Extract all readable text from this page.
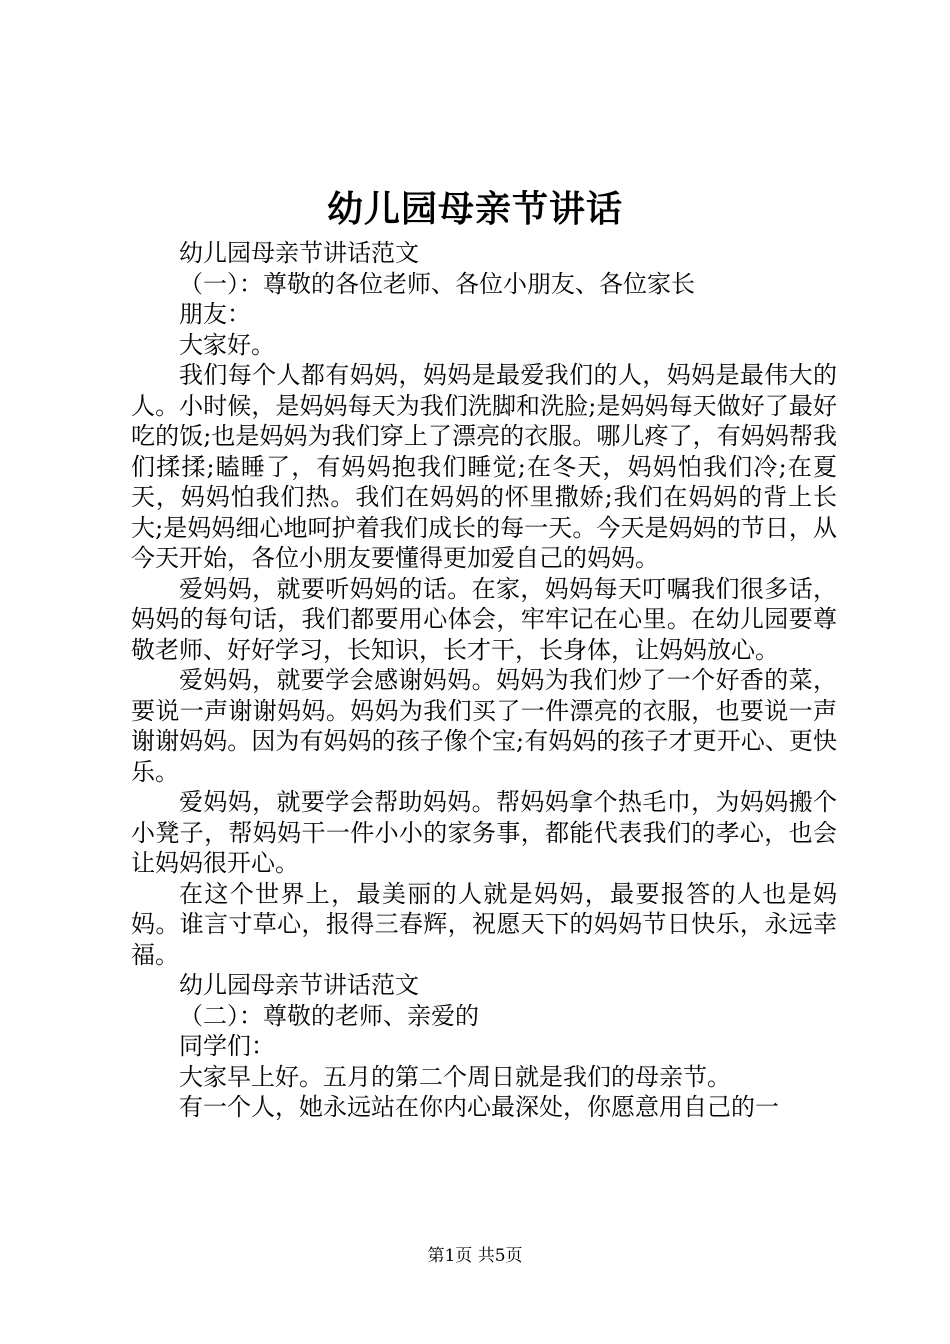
幼儿园母亲节讲话

幼儿园母亲节讲话范文

（一）：尊敬的各位老师、各位小朋友、各位家长

朋友：

大家好。

我们每个人都有妈妈，妈妈是最爱我们的人，妈妈是最伟大的人。小时候，是妈妈每天为我们洗脚和洗脸;是妈妈每天做好了最好吃的饭;也是妈妈为我们穿上了漂亮的衣服。哪儿疼了，有妈妈帮我们揉揉;瞌睡了，有妈妈抱我们睡觉;在冬天，妈妈怕我们冷;在夏天，妈妈怕我们热。我们在妈妈的怀里撒娇;我们在妈妈的背上长大;是妈妈细心地呵护着我们成长的每一天。今天是妈妈的节日，从今天开始，各位小朋友要懂得更加爱自己的妈妈。

爱妈妈，就要听妈妈的话。在家，妈妈每天叮嘱我们很多话，妈妈的每句话，我们都要用心体会，牢牢记在心里。在幼儿园要尊敬老师、好好学习，长知识，长才干，长身体，让妈妈放心。

爱妈妈，就要学会感谢妈妈。妈妈为我们炒了一个好香的菜，要说一声谢谢妈妈。妈妈为我们买了一件漂亮的衣服，也要说一声谢谢妈妈。因为有妈妈的孩子像个宝;有妈妈的孩子才更开心、更快乐。

爱妈妈，就要学会帮助妈妈。帮妈妈拿个热毛巾，为妈妈搬个小凳子，帮妈妈干一件小小的家务事，都能代表我们的孝心，也会让妈妈很开心。

在这个世界上，最美丽的人就是妈妈，最要报答的人也是妈妈。谁言寸草心，报得三春辉，祝愿天下的妈妈节日快乐，永远幸福。

幼儿园母亲节讲话范文

（二）：尊敬的老师、亲爱的

同学们：

大家早上好。五月的第二个周日就是我们的母亲节。

有一个人，她永远站在你内心最深处，你愿意用自己的一

第1页 共5页
